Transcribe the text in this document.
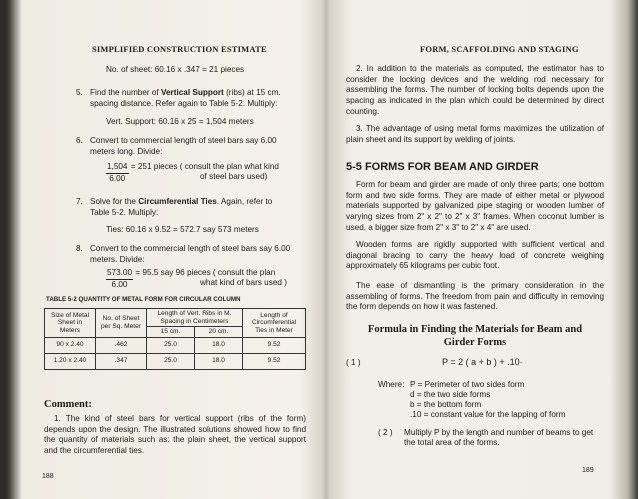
SIMPLIFIED CONSTRUCTION ESTIMATE
No. of sheet: 60.16 x .347 = 21 pieces
5. Find the number of Vertical Support (ribs) at 15 cm.
spacing distance. Refer again to Table 5-2. Multiply:
Vert. Support: 60.16 x 25 = 1,504 meters
6. Convert to commercial length of steel bars say 6.00
meters long. Divide:
$\frac{1,504}{6.00} = 251$ pieces ( consult the plan what kind
of steel bars used)
7. Solve for the Circumferential Ties. Again, refer to
Table 5-2. Multiply:
Ties: 60.16 x 9.52 = 572.7 say 573 meters
8. Convert to the commercial length of steel bars say 6.00
meters. Divide:
$\frac{573.00}{6.00} = 95.5$ say 96 pieces ( consult the plan
what kind of bars used )
TABLE 5-2 QUANTITY OF METAL FORM FOR CIRCULAR COLUMN
Size of Metal Sheet in Meters	No. of Sheet per Sq. Meter	Length of Vert. Ribs in M. Spacing in Centimeters		Length of Circumferential Ties in Meter
		15 cm.	20 cm.	
90 x 2.40	.462	25.0	18.0	9.52
1.20 x 2.40	.347	25.0	18.0	9.52
Comment:
1. The kind of steel bars for vertical support (ribs of the form) depends upon the design. The illustrated solutions showed how to find the quantity of materials such as: the plain sheet, the vertical support and the circumferential ties.
188
FORM, SCAFFOLDING AND STAGING
2. In addition to the materials as computed, the estimator has to consider the locking devices and the welding rod necessary for assembling the forms. The number of locking bolts depends upon the spacing as indicated in the plan which could be determined by direct counting.
3. The advantage of using metal forms maximizes the utilization of plain sheet and its support by welding of joints.
5-5 FORMS FOR BEAM AND GIRDER
Form for beam and girder are made of only three parts; one bottom form and two side forms. They are made of either metal or plywood materials supported by galvanized pipe staging or wooden lumber of varying sizes from 2" x 2" to 2" x 3" frames. When coconut lumber is used, a bigger size from 2" x 3" to 2" x 4" are used.
Wooden forms are rigidly supported with sufficient vertical and diagonal bracing to carry the heavy load of concrete weighing approximately 65 kilograms per cubic foot.
The ease of dismantling is the primary consideration in the assembling of forms. The freedom from pain and difficulty in removing the form depends on how it was fastened.
Formula in Finding the Materials for Beam and
Girder Forms
( 1 )	P = 2 ( a + b ) + .10·
Where: P = Perimeter of two sides form
d = the two side forms
b = the bottom form
.10 = constant value for the lapping of form
( 2 ) Multiply P by the length and number of beams to get
the total area of the forms.
189
